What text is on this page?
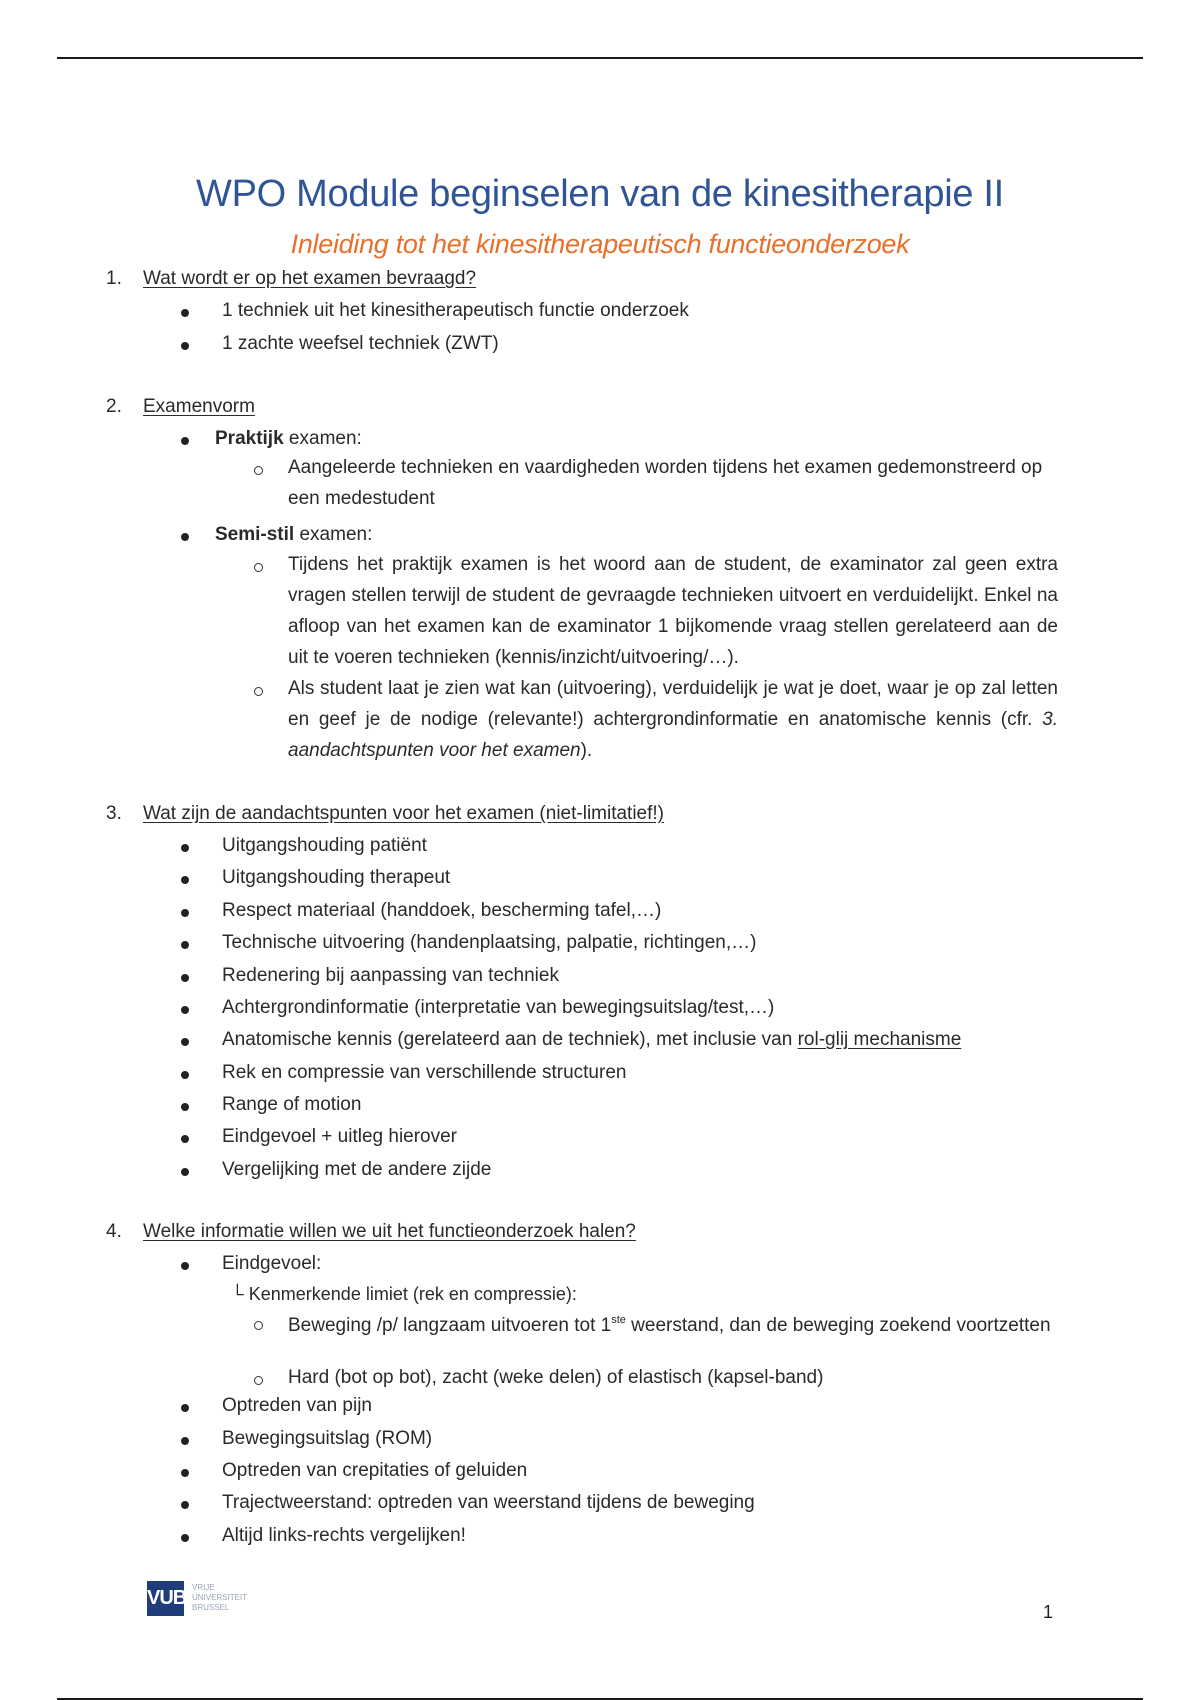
WPO Module beginselen van de kinesitherapie II
Inleiding tot het kinesitherapeutisch functieonderzoek
1. Wat wordt er op het examen bevraagd?
1 techniek uit het kinesitherapeutisch functie onderzoek
1 zachte weefsel techniek (ZWT)
2. Examenvorm
Praktijk examen:
Aangeleerde technieken en vaardigheden worden tijdens het examen gedemonstreerd op een medestudent
Semi-stil examen:
Tijdens het praktijk examen is het woord aan de student, de examinator zal geen extra vragen stellen terwijl de student de gevraagde technieken uitvoert en verduidelijkt. Enkel na afloop van het examen kan de examinator 1 bijkomende vraag stellen gerelateerd aan de uit te voeren technieken (kennis/inzicht/uitvoering/…).
Als student laat je zien wat kan (uitvoering), verduidelijk je wat je doet, waar je op zal letten en geef je de nodige (relevante!) achtergrondinformatie en anatomische kennis (cfr. 3. aandachtspunten voor het examen).
3. Wat zijn de aandachtspunten voor het examen (niet-limitatief!)
Uitgangshouding patiënt
Uitgangshouding therapeut
Respect materiaal (handdoek, bescherming tafel,…)
Technische uitvoering (handenplaatsing, palpatie, richtingen,…)
Redenering bij aanpassing van techniek
Achtergrondinformatie (interpretatie van bewegingsuitslag/test,…)
Anatomische kennis (gerelateerd aan de techniek), met inclusie van rol-glij mechanisme
Rek en compressie van verschillende structuren
Range of motion
Eindgevoel + uitleg hierover
Vergelijking met de andere zijde
4. Welke informatie willen we uit het functieonderzoek halen?
Eindgevoel:
└ Kenmerkende limiet (rek en compressie):
Beweging /p/ langzaam uitvoeren tot 1ste weerstand, dan de beweging zoekend voortzetten
Hard (bot op bot), zacht (weke delen) of elastisch (kapsel-band)
Optreden van pijn
Bewegingsuitslag (ROM)
Optreden van crepitaties of geluiden
Trajectweerstand: optreden van weerstand tijdens de beweging
Altijd links-rechts vergelijken!
VUB VRIJE
UNIVERSITEIT
BRUSSEL	1
